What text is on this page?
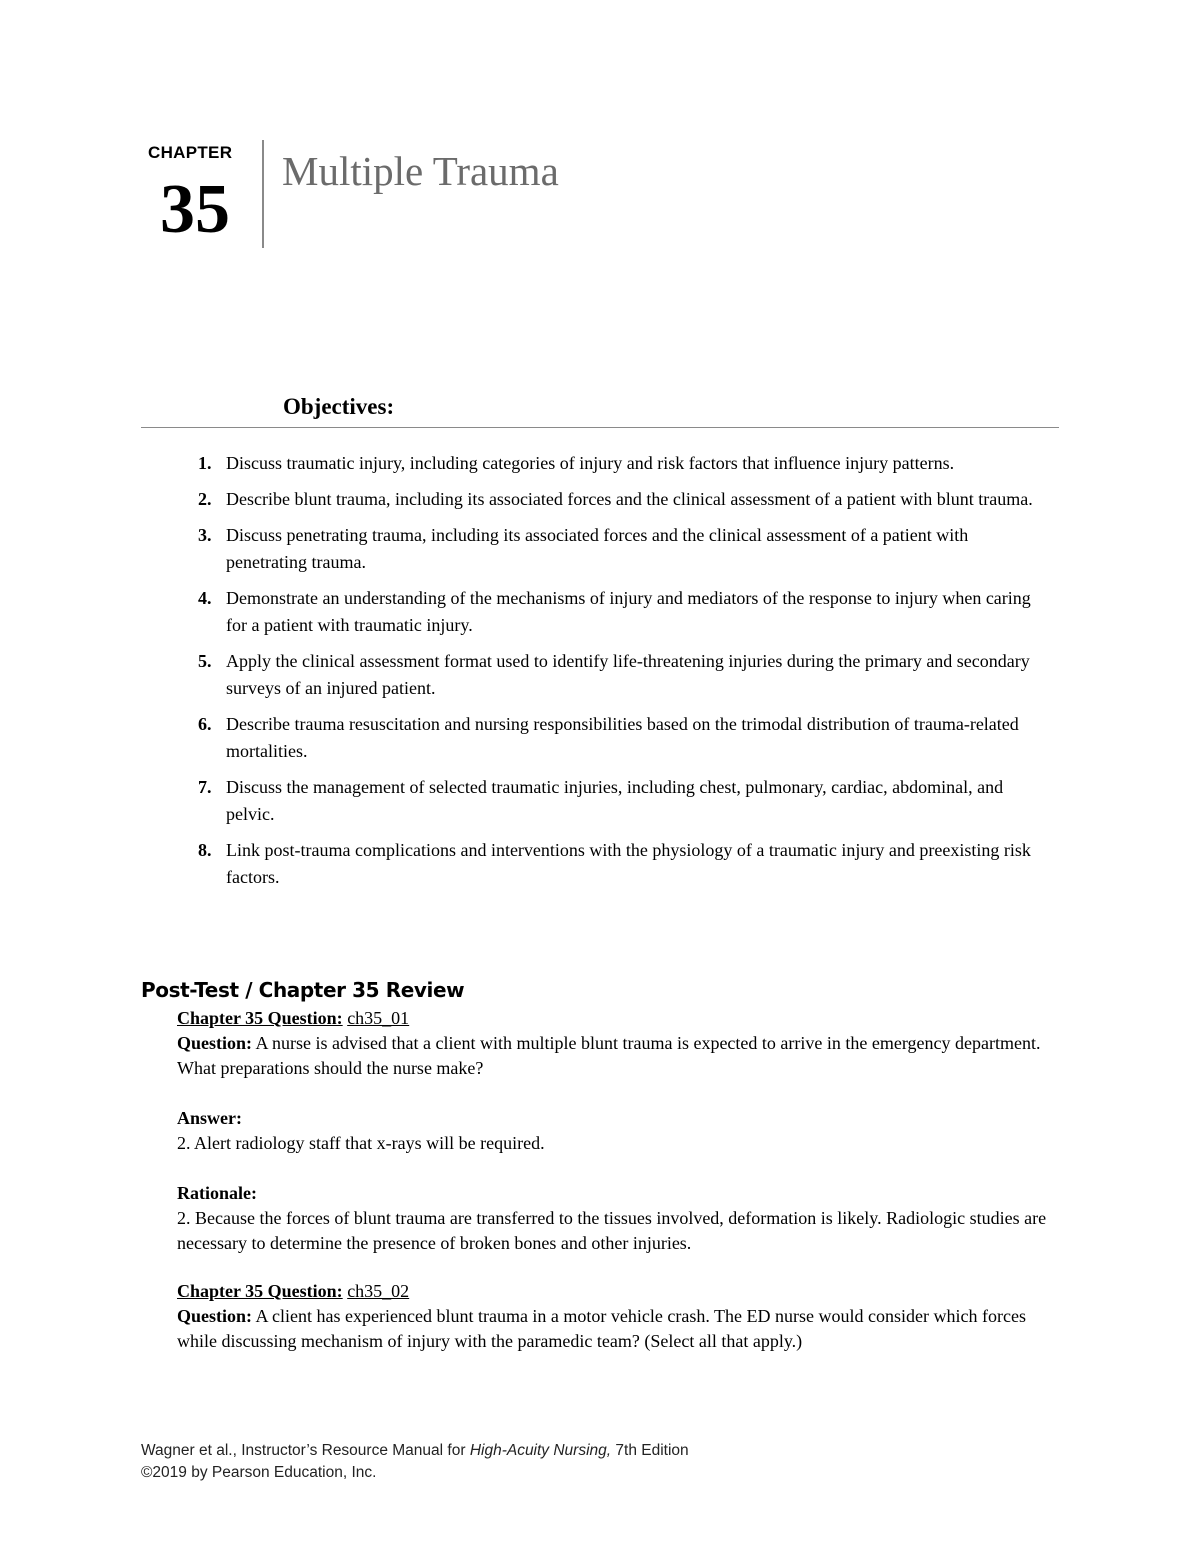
CHAPTER
35 Multiple Trauma
Objectives:
1. Discuss traumatic injury, including categories of injury and risk factors that influence injury patterns.
2. Describe blunt trauma, including its associated forces and the clinical assessment of a patient with blunt trauma.
3. Discuss penetrating trauma, including its associated forces and the clinical assessment of a patient with penetrating trauma.
4. Demonstrate an understanding of the mechanisms of injury and mediators of the response to injury when caring for a patient with traumatic injury.
5. Apply the clinical assessment format used to identify life-threatening injuries during the primary and secondary surveys of an injured patient.
6. Describe trauma resuscitation and nursing responsibilities based on the trimodal distribution of trauma-related mortalities.
7. Discuss the management of selected traumatic injuries, including chest, pulmonary, cardiac, abdominal, and pelvic.
8. Link post-trauma complications and interventions with the physiology of a traumatic injury and preexisting risk factors.
Post-Test / Chapter 35 Review

Chapter 35 Question: ch35_01

Question: A nurse is advised that a client with multiple blunt trauma is expected to arrive in the emergency department. What preparations should the nurse make?

Answer:

2. Alert radiology staff that x-rays will be required.

Rationale:

2. Because the forces of blunt trauma are transferred to the tissues involved, deformation is likely. Radiologic studies are necessary to determine the presence of broken bones and other injuries.

Chapter 35 Question: ch35_02

Question: A client has experienced blunt trauma in a motor vehicle crash. The ED nurse would consider which forces while discussing mechanism of injury with the paramedic team? (Select all that apply.)

Wagner et al., Instructor’s Resource Manual for High-Acuity Nursing, 7th Edition
©2019 by Pearson Education, Inc.
